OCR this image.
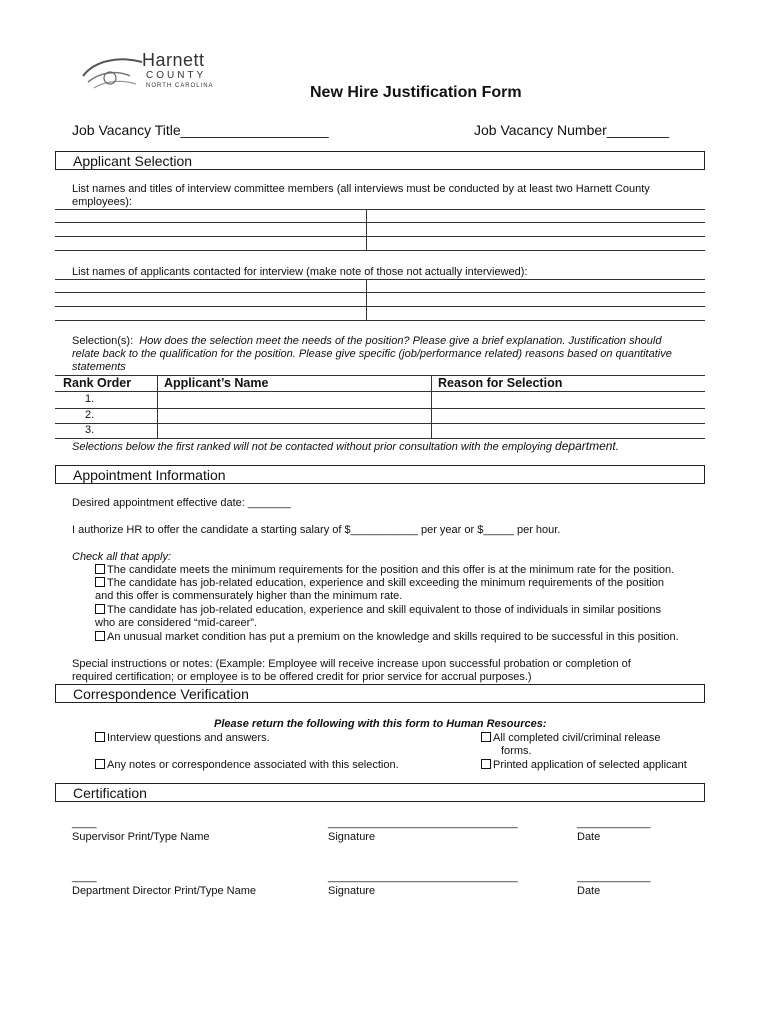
Harnett
COUNTY
NORTH CAROLINA	New Hire Justification Form
Job Vacancy Title___________________	Job Vacancy Number________
Applicant Selection
List names and titles of interview committee members (all interviews must be conducted by at least two Harnett County
employees):
List names of applicants contacted for interview (make note of those not actually interviewed):
Selection(s): How does the selection meet the needs of the position? Please give a brief explanation. Justification should
relate back to the qualification for the position. Please give specific (job/performance related) reasons based on quantitative
statements
Rank Order	Applicant’s Name	Reason for Selection
1.
2.
3.
Selections below the first ranked will not be contacted without prior consultation with the employing department.
Appointment Information
Desired appointment effective date: _______
I authorize HR to offer the candidate a starting salary of $___________ per year or $_____ per hour.
Check all that apply:
The candidate meets the minimum requirements for the position and this offer is at the minimum rate for the position.
The candidate has job-related education, experience and skill exceeding the minimum requirements of the position
and this offer is commensurately higher than the minimum rate.
The candidate has job-related education, experience and skill equivalent to those of individuals in similar positions
who are considered “mid-career”.
An unusual market condition has put a premium on the knowledge and skills required to be successful in this position.
Special instructions or notes: (Example: Employee will receive increase upon successful probation or completion of
required certification; or employee is to be offered credit for prior service for accrual purposes.)
Correspondence Verification
Please return the following with this form to Human Resources:
Interview questions and answers.
Any notes or correspondence associated with this selection.
All completed civil/criminal release
forms.
Printed application of selected applicant
Certification
____	_______________________________	____________
Supervisor Print/Type Name	Signature	Date
____	_______________________________	____________
Department Director Print/Type Name	Signature	Date
